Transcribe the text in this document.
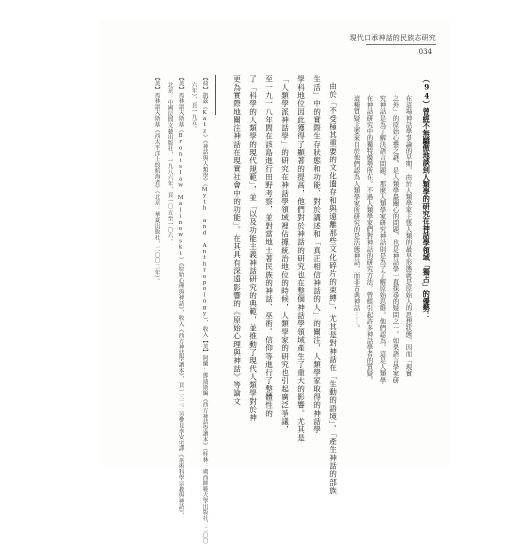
現代口承神話的民族志研究
034
（94）曾經不無驕傲地談到人類學的研究在神話學領域「獨占」的優勢：
在這場神話學爭論的早期，由於人類學家主張人類的最早形態就是原始人的思想狀態，因而「現實
之外」的原始心靈之謎，是人類學最關心的問題，也是神話學一直探尋的疑問之一。如果語言學家研
究神話是為了解決語言問題，那麼人類學家研究神話則是為了了解原始思維。他們認為，這是人類學
在神話研究中的獨特優勢所在。不過人類學家們對神話的研究方法，曾經引起許多神話學者的質疑。
這種質疑主要來自於他們認為人類學家所研究的是活態神話，而非古典神話⋯⋯。
由於「不受極其重要的文化遺存和與遠離那些文化碎片的束縛」，尤其是對神話在「生動的語境」、「產生神話的部族
生活」中的實際生存狀態和功能、對於講述和「真正相信神話的人」的關注，人類學家取得的神話學
學科地位因此獲得了顯著的提高，他們對於神話的研究也在整個神話學領域產生了重大的影響。尤其是
「人類學派神話學」的研究在神話學領域裡佔據統治地位的時候，人類學家的研究也引起廣泛爭議，
至一九一八年間在該島進行田野考察，並對當地土著民族的神話、巫術、信仰等進行了整體性的
了「科學的人類學的現代規範」，並「以及功能主義神話研究的典範，並推動了現代人類學對於神
更為實際地關注神話在現實社會中的功能」。在其具有深遠影響的《原始心理與神話》等論文
【荷】凱茲（Katz）《神話與人類學》（Myth and Anthropology），收入【英】阿蘭·鄧迪斯編《西方神話學讀本》（桂林：廣西師範大學出版社，二〇〇
六年），頁一九五。
【英】馬林諾夫斯基（Bronislaw Malinowski）《原始心理與神話》，收入《西方神話學讀本》，頁一三二。另參見李安宅譯《巫術科學宗教與神話》，
北京：中國民間文藝出版社，一九八六年，頁一〇五至一〇六。
【英】馬林諾夫斯基《西太平洋上的航海者》（北京：華夏出版社，二〇〇二年）。
